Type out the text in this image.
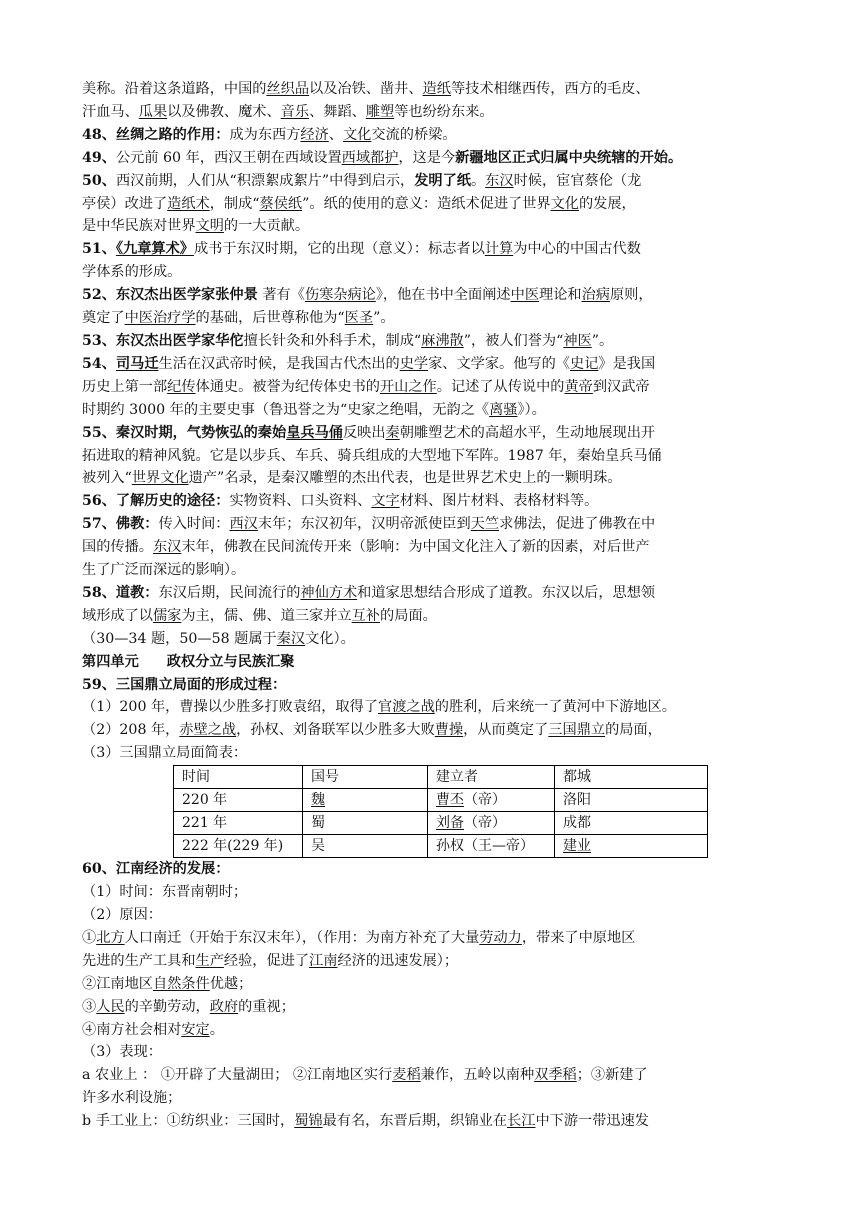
美称。沿着这条道路，中国的丝织品以及冶铁、凿井、造纸等技术相继西传，西方的毛皮、

汗血马、瓜果以及佛教、魔术、音乐、舞蹈、雕塑等也纷纷东来。

48、丝绸之路的作用：成为东西方经济、文化交流的桥梁。

49、公元前 60 年，西汉王朝在西域设置西域都护，这是今新疆地区正式归属中央统辖的开始。

50、西汉前期，人们从“积漂絮成絮片”中得到启示，发明了纸。东汉时候，宦官蔡伦（龙

亭侯）改进了造纸术，制成“蔡侯纸”。纸的使用的意义：造纸术促进了世界文化的发展，

是中华民族对世界文明的一大贡献。

51、《九章算术》成书于东汉时期，它的出现（意义）：标志者以计算为中心的中国古代数

学体系的形成。

52、东汉杰出医学家张仲景 著有《伤寒杂病论》，他在书中全面阐述中医理论和治病原则，

奠定了中医治疗学的基础，后世尊称他为“医圣”。

53、东汉杰出医学家华佗擅长针灸和外科手术，制成“麻沸散”，被人们誉为“神医”。

54、司马迁生活在汉武帝时候，是我国古代杰出的史学家、文学家。他写的《史记》是我国

历史上第一部纪传体通史。被誉为纪传体史书的开山之作。记述了从传说中的黄帝到汉武帝

时期约 3000 年的主要史事（鲁迅誉之为“史家之绝唱，无韵之《离骚》）。

55、秦汉时期，气势恢弘的秦始皇兵马俑反映出秦朝雕塑艺术的高超水平，生动地展现出开

拓进取的精神风貌。它是以步兵、车兵、骑兵组成的大型地下军阵。1987 年，秦始皇兵马俑

被列入“世界文化遗产”名录，是秦汉雕塑的杰出代表，也是世界艺术史上的一颗明珠。

56、了解历史的途径：实物资料、口头资料、文字材料、图片材料、表格材料等。

57、佛教：传入时间：西汉末年；东汉初年，汉明帝派使臣到天竺求佛法，促进了佛教在中

国的传播。东汉末年，佛教在民间流传开来（影响：为中国文化注入了新的因素，对后世产

生了广泛而深远的影响）。

58、道教：东汉后期，民间流行的神仙方术和道家思想结合形成了道教。东汉以后，思想领

域形成了以儒家为主，儒、佛、道三家并立互补的局面。

（30—34 题，50—58 题属于秦汉文化）。

第四单元 政权分立与民族汇聚

59、三国鼎立局面的形成过程：

（1）200 年，曹操以少胜多打败袁绍，取得了官渡之战的胜利，后来统一了黄河中下游地区。

（2）208 年，赤壁之战，孙权、刘备联军以少胜多大败曹操，从而奠定了三国鼎立的局面，

（3）三国鼎立局面简表：

时间	国号	建立者	都城
220 年	魏	曹丕（帝）	洛阳
221 年	蜀	刘备（帝）	成都
222 年(229 年)	吴	孙权（王—帝）	建业

60、江南经济的发展：

（1）时间：东晋南朝时；

（2）原因：

①北方人口南迁（开始于东汉末年），（作用：为南方补充了大量劳动力，带来了中原地区

先进的生产工具和生产经验，促进了江南经济的迅速发展）；

②江南地区自然条件优越；

③人民的辛勤劳动，政府的重视；

④南方社会相对安定。

（3）表现：

a 农业上 ： ①开辟了大量湖田； ②江南地区实行麦稻兼作，五岭以南种双季稻；③新建了

许多水利设施；

b 手工业上：①纺织业：三国时，蜀锦最有名，东晋后期，织锦业在长江中下游一带迅速发
